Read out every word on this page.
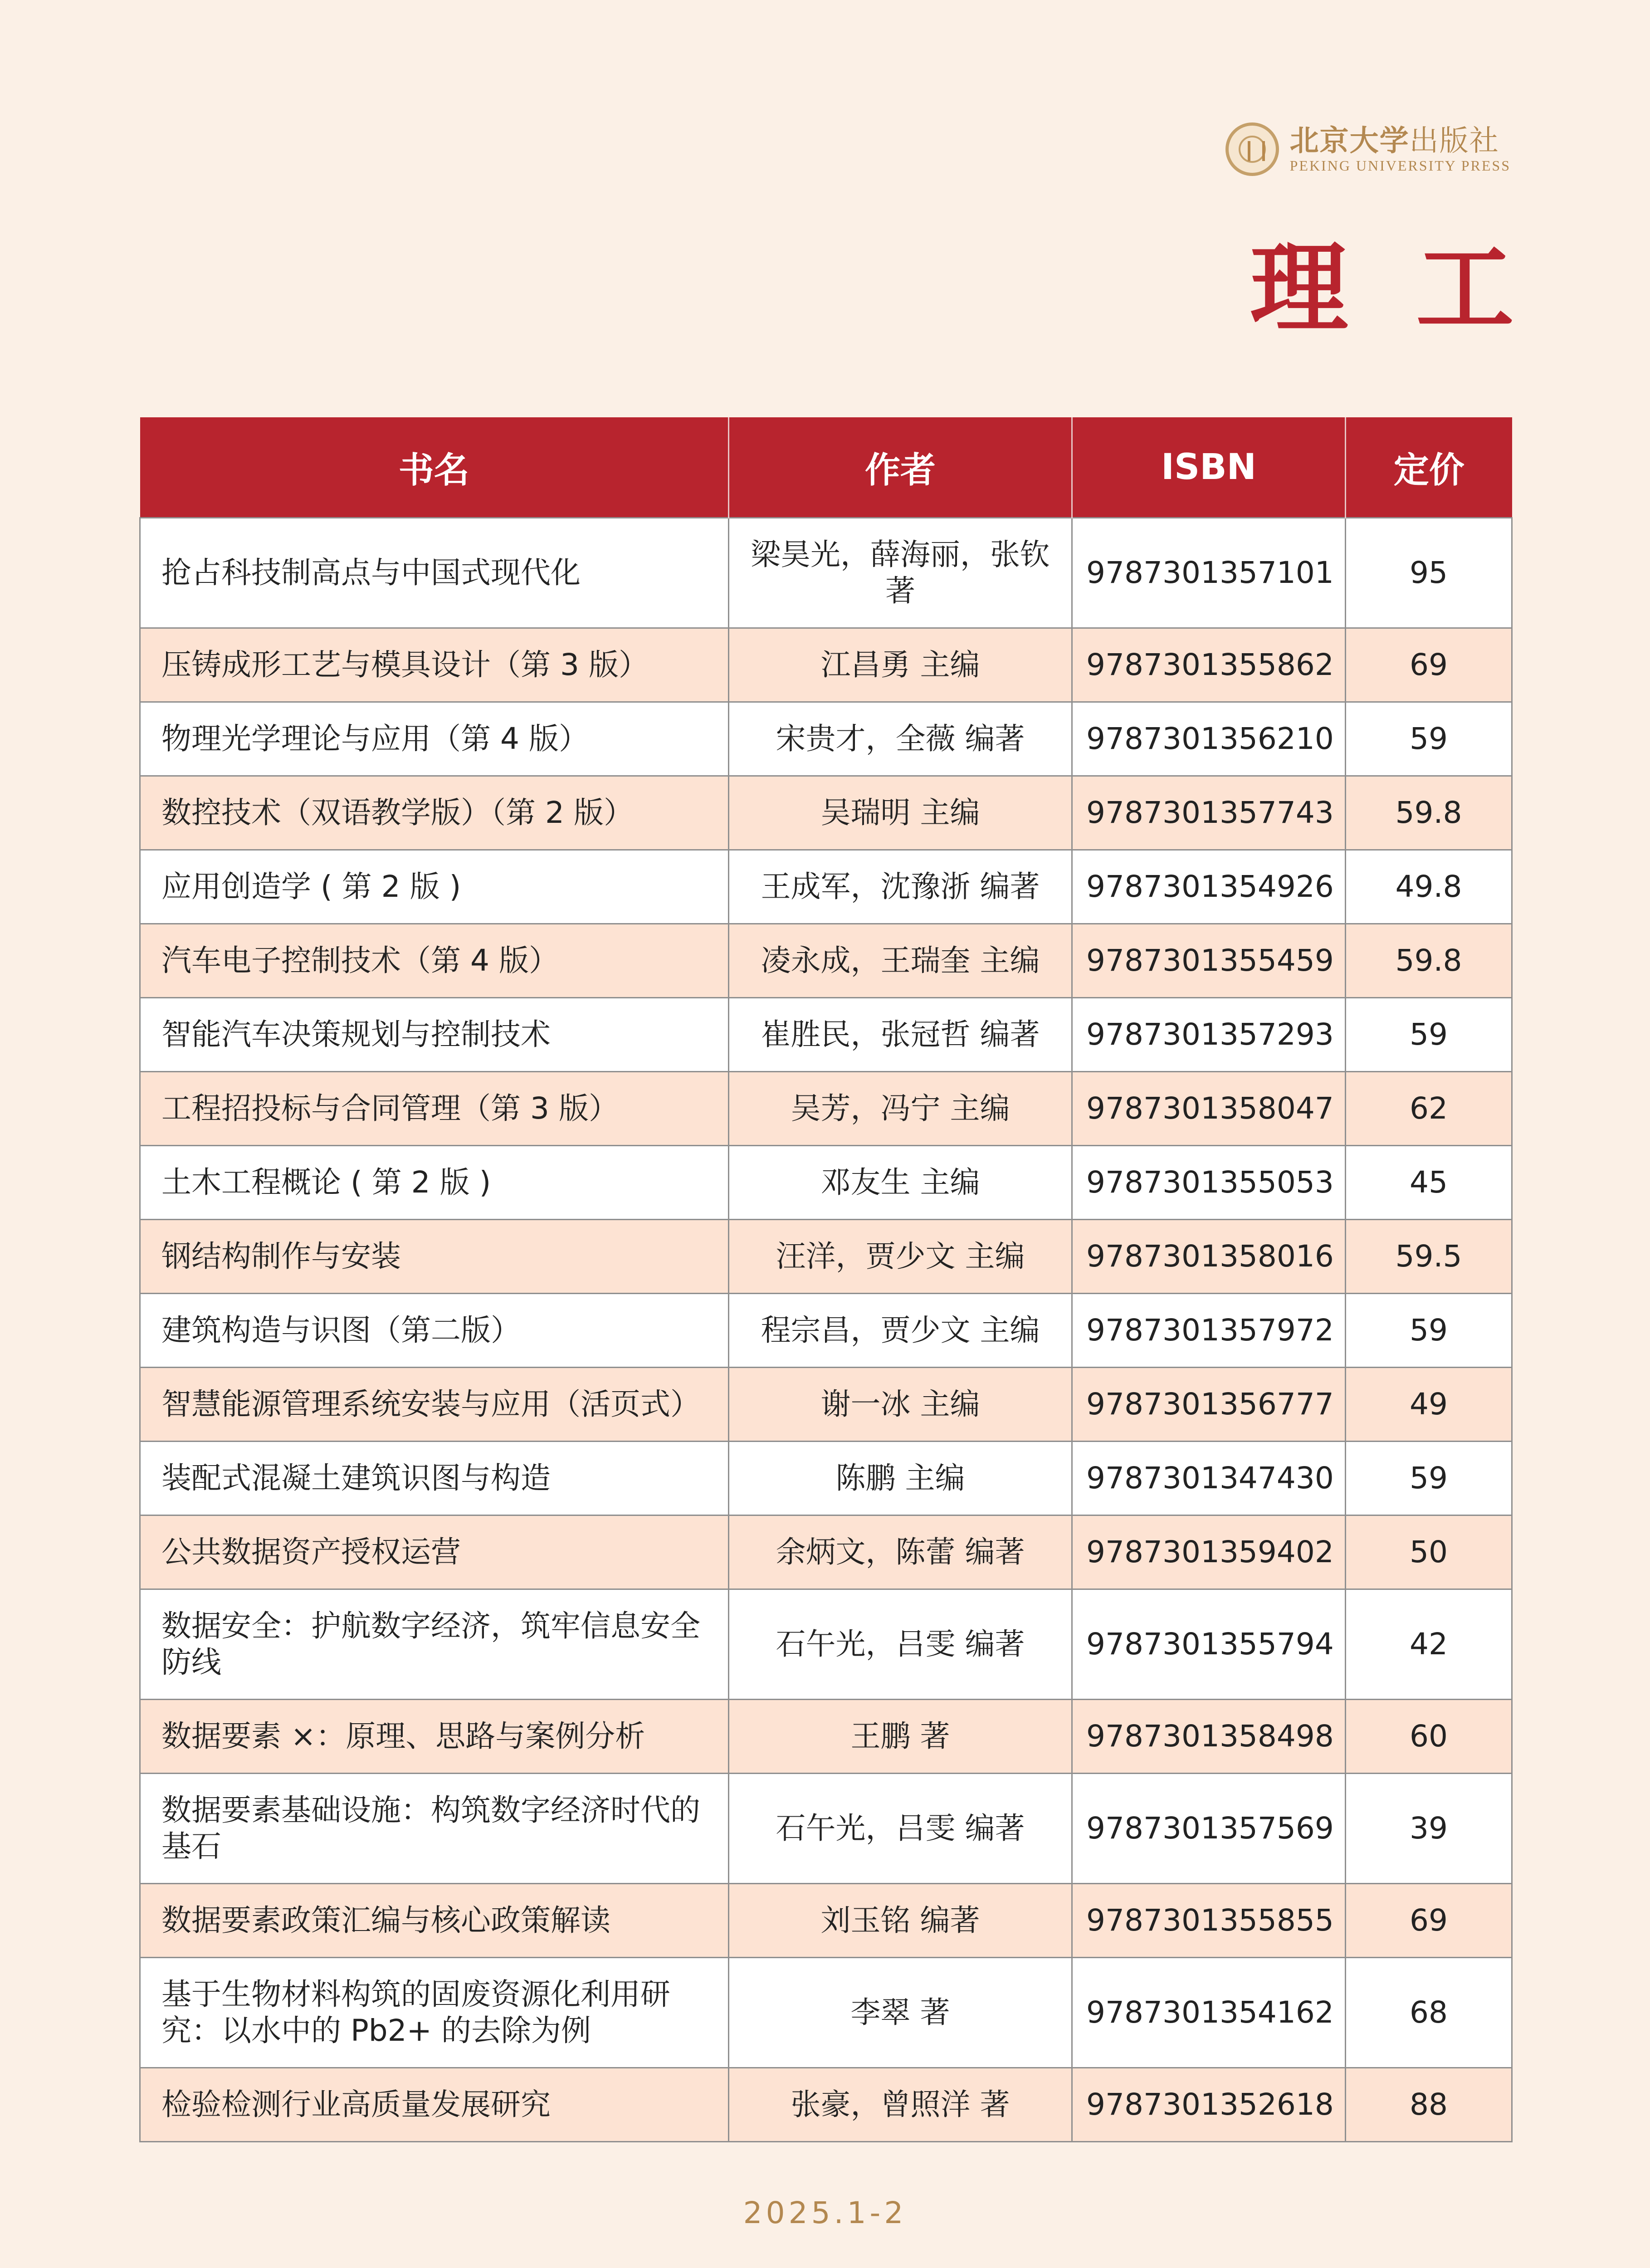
北京大学出版社
PEKING UNIVERSITY PRESS
理工
书名	作者	ISBN	定价
抢占科技制高点与中国式现代化	梁昊光，薛海丽，张钦 著	9787301357101	95
压铸成形工艺与模具设计（第 3 版）	江昌勇 主编	9787301355862	69
物理光学理论与应用（第 4 版）	宋贵才，全薇 编著	9787301356210	59
数控技术（双语教学版）（第 2 版）	吴瑞明 主编	9787301357743	59.8
应用创造学 ( 第 2 版 )	王成军，沈豫浙 编著	9787301354926	49.8
汽车电子控制技术（第 4 版）	凌永成，王瑞奎 主编	9787301355459	59.8
智能汽车决策规划与控制技术	崔胜民，张冠哲 编著	9787301357293	59
工程招投标与合同管理（第 3 版）	吴芳，冯宁 主编	9787301358047	62
土木工程概论 ( 第 2 版 )	邓友生 主编	9787301355053	45
钢结构制作与安装	汪洋，贾少文 主编	9787301358016	59.5
建筑构造与识图（第二版）	程宗昌，贾少文 主编	9787301357972	59
智慧能源管理系统安装与应用（活页式）	谢一冰 主编	9787301356777	49
装配式混凝土建筑识图与构造	陈鹏 主编	9787301347430	59
公共数据资产授权运营	余炳文，陈蕾 编著	9787301359402	50
数据安全：护航数字经济，筑牢信息安全防线	石午光，吕雯 编著	9787301355794	42
数据要素 ×：原理、思路与案例分析	王鹏 著	9787301358498	60
数据要素基础设施：构筑数字经济时代的基石	石午光，吕雯 编著	9787301357569	39
数据要素政策汇编与核心政策解读	刘玉铭 编著	9787301355855	69
基于生物材料构筑的固废资源化利用研究：以水中的 Pb2+ 的去除为例	李翠 著	9787301354162	68
检验检测行业高质量发展研究	张豪，曾照洋 著	9787301352618	88
2025.1-2
